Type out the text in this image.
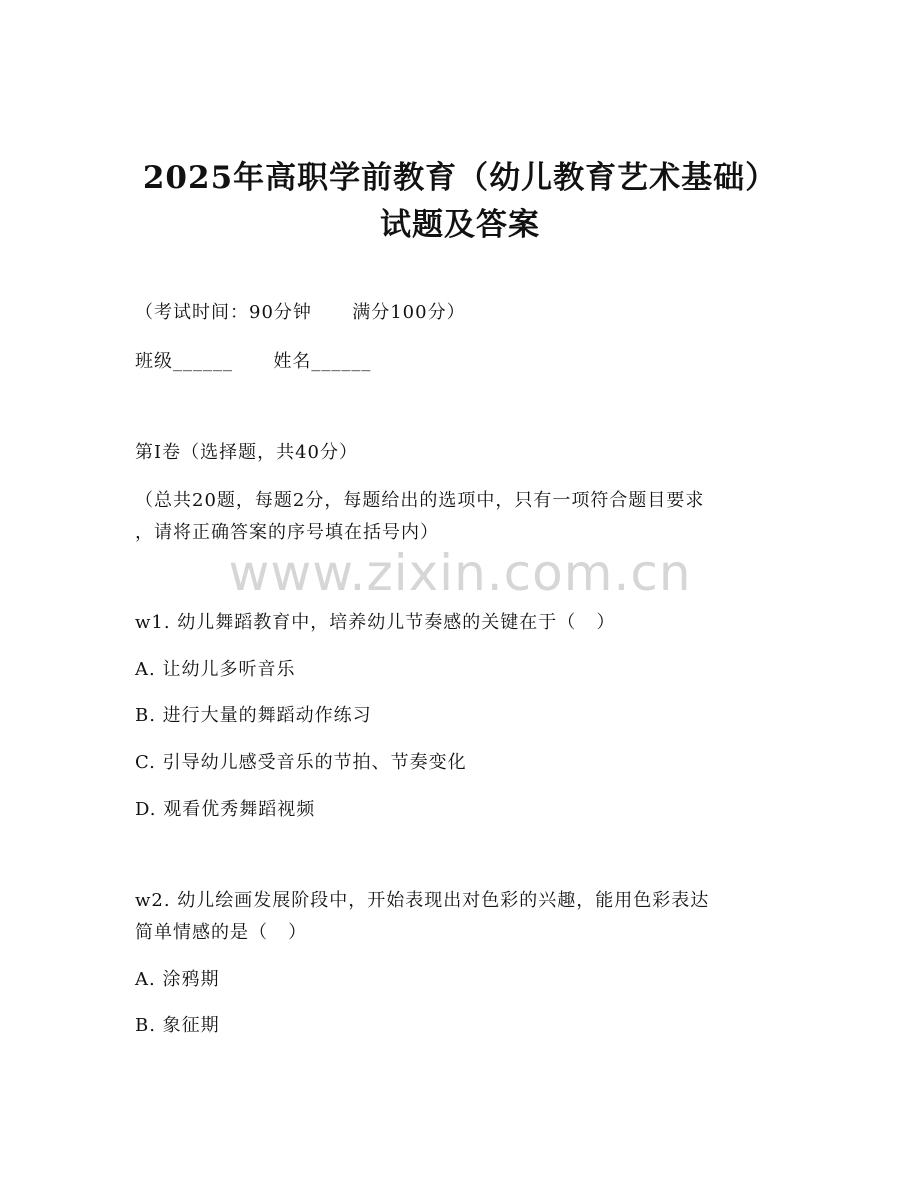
www.zixin.com.cn
2025年高职学前教育（幼儿教育艺术基础）
试题及答案
（考试时间：90分钟      满分100分）
班级______      姓名______
第Ⅰ卷（选择题，共40分）
（总共20题，每题2分，每题给出的选项中，只有一项符合题目要求
，请将正确答案的序号填在括号内）
w1. 幼儿舞蹈教育中，培养幼儿节奏感的关键在于（   ）
A. 让幼儿多听音乐
B. 进行大量的舞蹈动作练习
C. 引导幼儿感受音乐的节拍、节奏变化
D. 观看优秀舞蹈视频
w2. 幼儿绘画发展阶段中，开始表现出对色彩的兴趣，能用色彩表达
简单情感的是（   ）
A. 涂鸦期
B. 象征期
